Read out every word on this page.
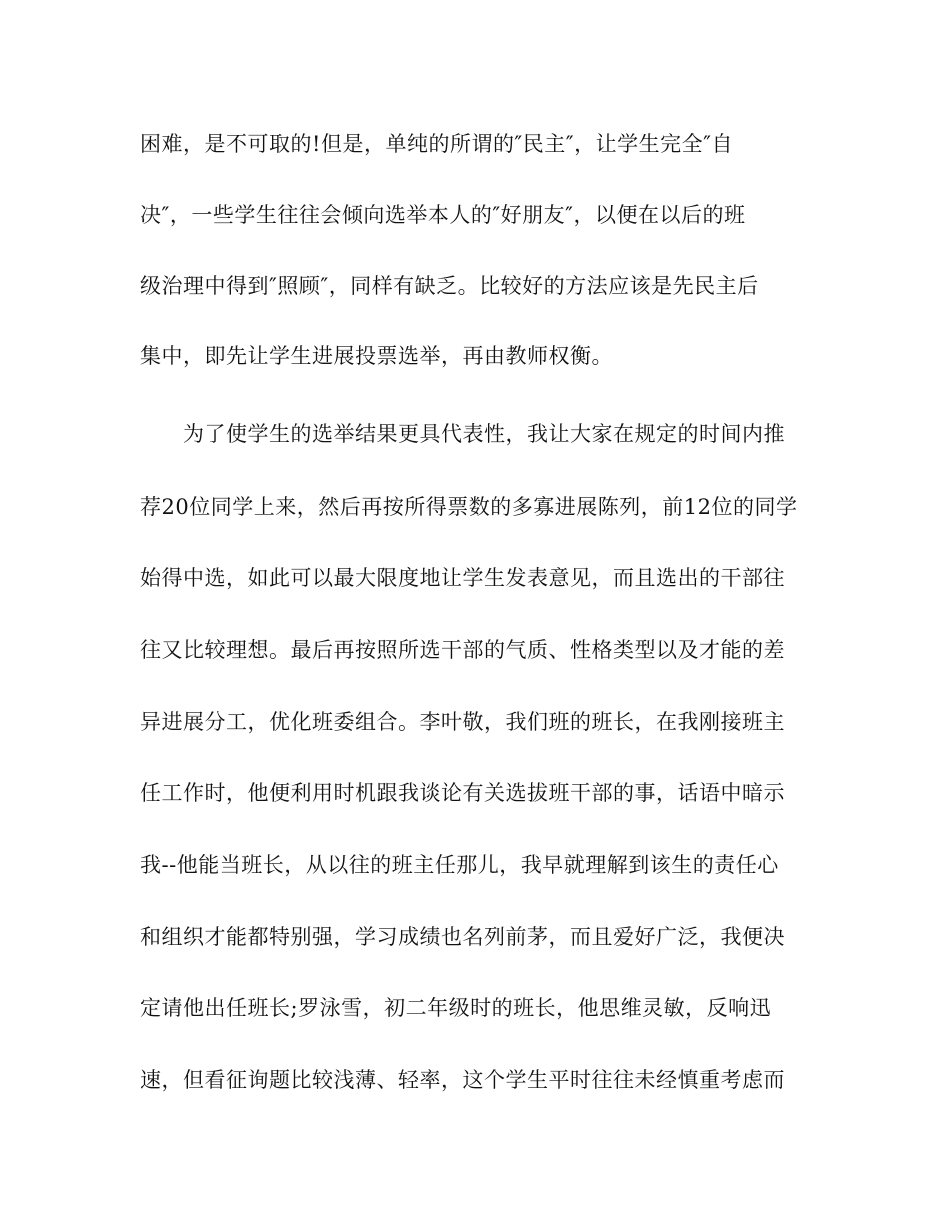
困难，是不可取的!但是，单纯的所谓的″民主″，让学生完全″自
决″，一些学生往往会倾向选举本人的″好朋友″，以便在以后的班
级治理中得到″照顾″，同样有缺乏。比较好的方法应该是先民主后
集中，即先让学生进展投票选举，再由教师权衡。
为了使学生的选举结果更具代表性，我让大家在规定的时间内推
荐20位同学上来，然后再按所得票数的多寡进展陈列，前12位的同学
始得中选，如此可以最大限度地让学生发表意见，而且选出的干部往
往又比较理想。最后再按照所选干部的气质、性格类型以及才能的差
异进展分工，优化班委组合。李叶敬，我们班的班长，在我刚接班主
任工作时，他便利用时机跟我谈论有关选拔班干部的事，话语中暗示
我--他能当班长，从以往的班主任那儿，我早就理解到该生的责任心
和组织才能都特别强，学习成绩也名列前茅，而且爱好广泛，我便决
定请他出任班长;罗泳雪，初二年级时的班长，他思维灵敏，反响迅
速，但看征询题比较浅薄、轻率，这个学生平时往往未经慎重考虑而
